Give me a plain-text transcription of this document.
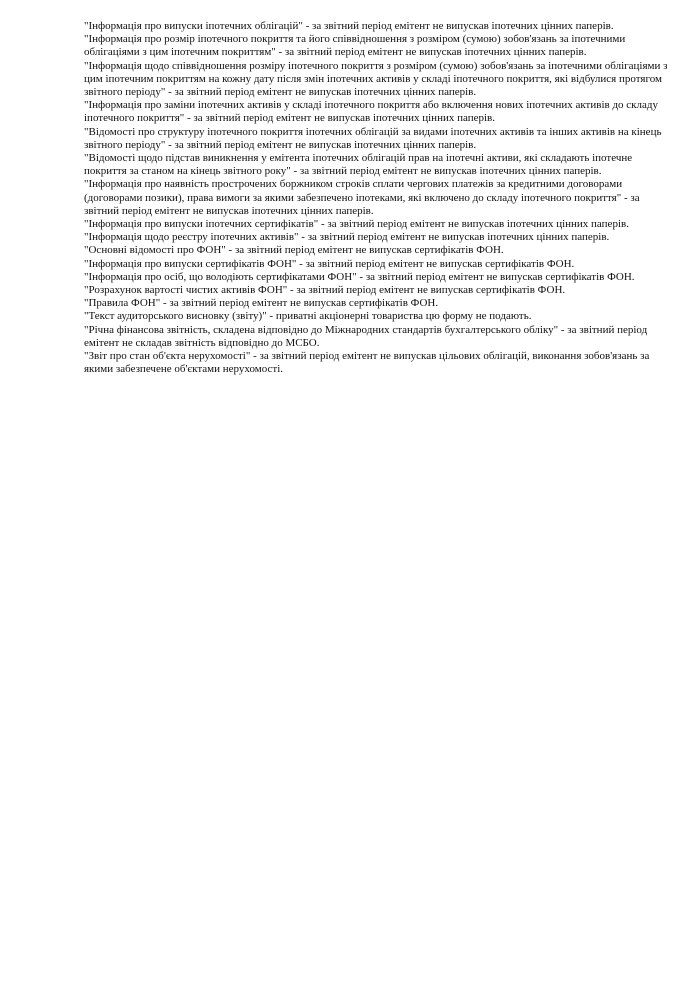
"Інформація про випуски іпотечних облігацій" - за звітний період емітент не випускав іпотечних цінних паперів.

"Інформація про розмір іпотечного покриття та його співвідношення з розміром (сумою) зобов'язань за іпотечними облігаціями з цим іпотечним покриттям" - за звітний період емітент не випускав іпотечних цінних паперів.

"Інформація щодо співвідношення розміру іпотечного покриття з розміром (сумою) зобов'язань за іпотечними облігаціями з цим іпотечним покриттям на кожну дату після змін іпотечних активів у складі іпотечного покриття, які відбулися протягом звітного періоду" - за звітний період емітент не випускав іпотечних цінних паперів.

"Інформація про заміни іпотечних активів у складі іпотечного покриття або включення нових іпотечних активів до складу іпотечного покриття" - за звітний період емітент не випускав іпотечних цінних паперів.

"Відомості про структуру іпотечного покриття іпотечних облігацій за видами іпотечних активів та інших активів на кінець звітного періоду" - за звітний період емітент не випускав іпотечних цінних паперів.

"Відомості щодо підстав виникнення у емітента іпотечних облігацій прав на іпотечні активи, які складають іпотечне покриття за станом на кінець звітного року" - за звітний період емітент не випускав іпотечних цінних паперів.

"Інформація про наявність прострочених боржником строків сплати чергових платежів за кредитними договорами (договорами позики), права вимоги за якими забезпечено іпотеками, які включено до складу іпотечного покриття" - за звітний період емітент не випускав іпотечних цінних паперів.

"Інформація про випуски іпотечних сертифікатів" - за звітний період емітент не випускав іпотечних цінних паперів.

"Інформація щодо реєстру іпотечних активів" - за звітний період емітент не випускав іпотечних цінних паперів.

"Основні відомості про ФОН" - за звітний період емітент не випускав сертифікатів ФОН.

"Інформація про випуски сертифікатів ФОН" - за звітний період емітент не випускав сертифікатів ФОН.

"Інформація про осіб, що володіють сертифікатами ФОН" - за звітний період емітент не випускав сертифікатів ФОН.

"Розрахунок вартості чистих активів ФОН" - за звітний період емітент не випускав сертифікатів ФОН.

"Правила ФОН" - за звітний період емітент не випускав сертифікатів ФОН.

"Текст аудиторського висновку (звіту)" - приватні акціонерні товариства цю форму не подають.

"Річна фінансова звітність, складена відповідно до Міжнародних стандартів бухгалтерського обліку" - за звітний період емітент не складав звітність відповідно до МСБО.

"Звіт про стан об'єкта нерухомості" - за звітний період емітент не випускав цільових облігацій, виконання зобов'язань за якими забезпечене об'єктами нерухомості.
